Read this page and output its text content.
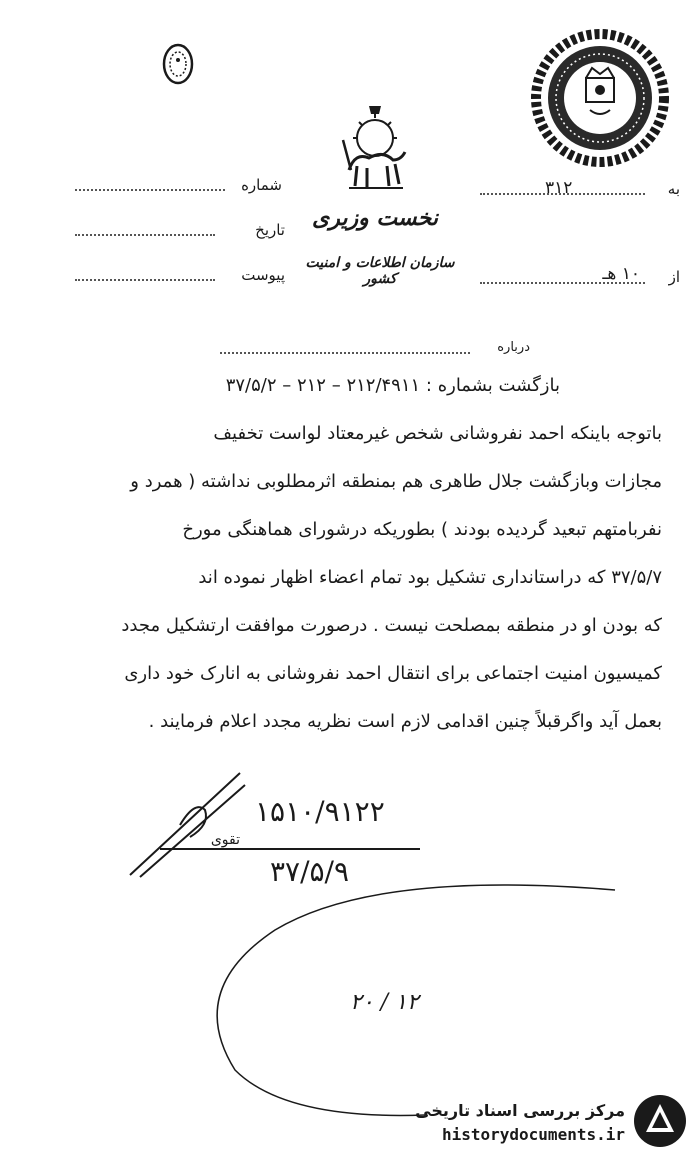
نخست وزیری
سازمان اطلاعات و امنیت کشور
شماره
تاریخ
پیوست
به
۳۱۲
از
۱۰ هـ
درباره
بازگشت بشماره : ۲۱۲/۴۹۱۱ – ۲۱۲ – ۳۷/۵/۲
باتوجه باینکه احمد نفروشانی شخص غیرمعتاد لواست تخفیف
مجازات وبازگشت جلال طاهری هم بمنطقه اثرمطلوبی نداشته ( همرد و
نفربامتهم تبعید گردیده بودند ) بطوریکه درشورای هماهنگی مورخ
۳۷/۵/۷ که دراستانداری تشکیل بود تمام اعضاء اظهار نموده اند
که بودن او در منطقه بمصلحت نیست . درصورت موافقت ارتشکیل مجدد
کمیسیون امنیت اجتماعی برای انتقال احمد نفروشانی به انارک خود داری
بعمل آید واگرقبلاً چنین اقدامی لازم است نظریه مجدد اعلام فرمایند .
تقوی
۱۵۱۰/۹۱۲۲
۳۷/۵/۹
۲۰ / ۱۲
مرکز بررسی اسناد تاریخی
historydocuments.ir
